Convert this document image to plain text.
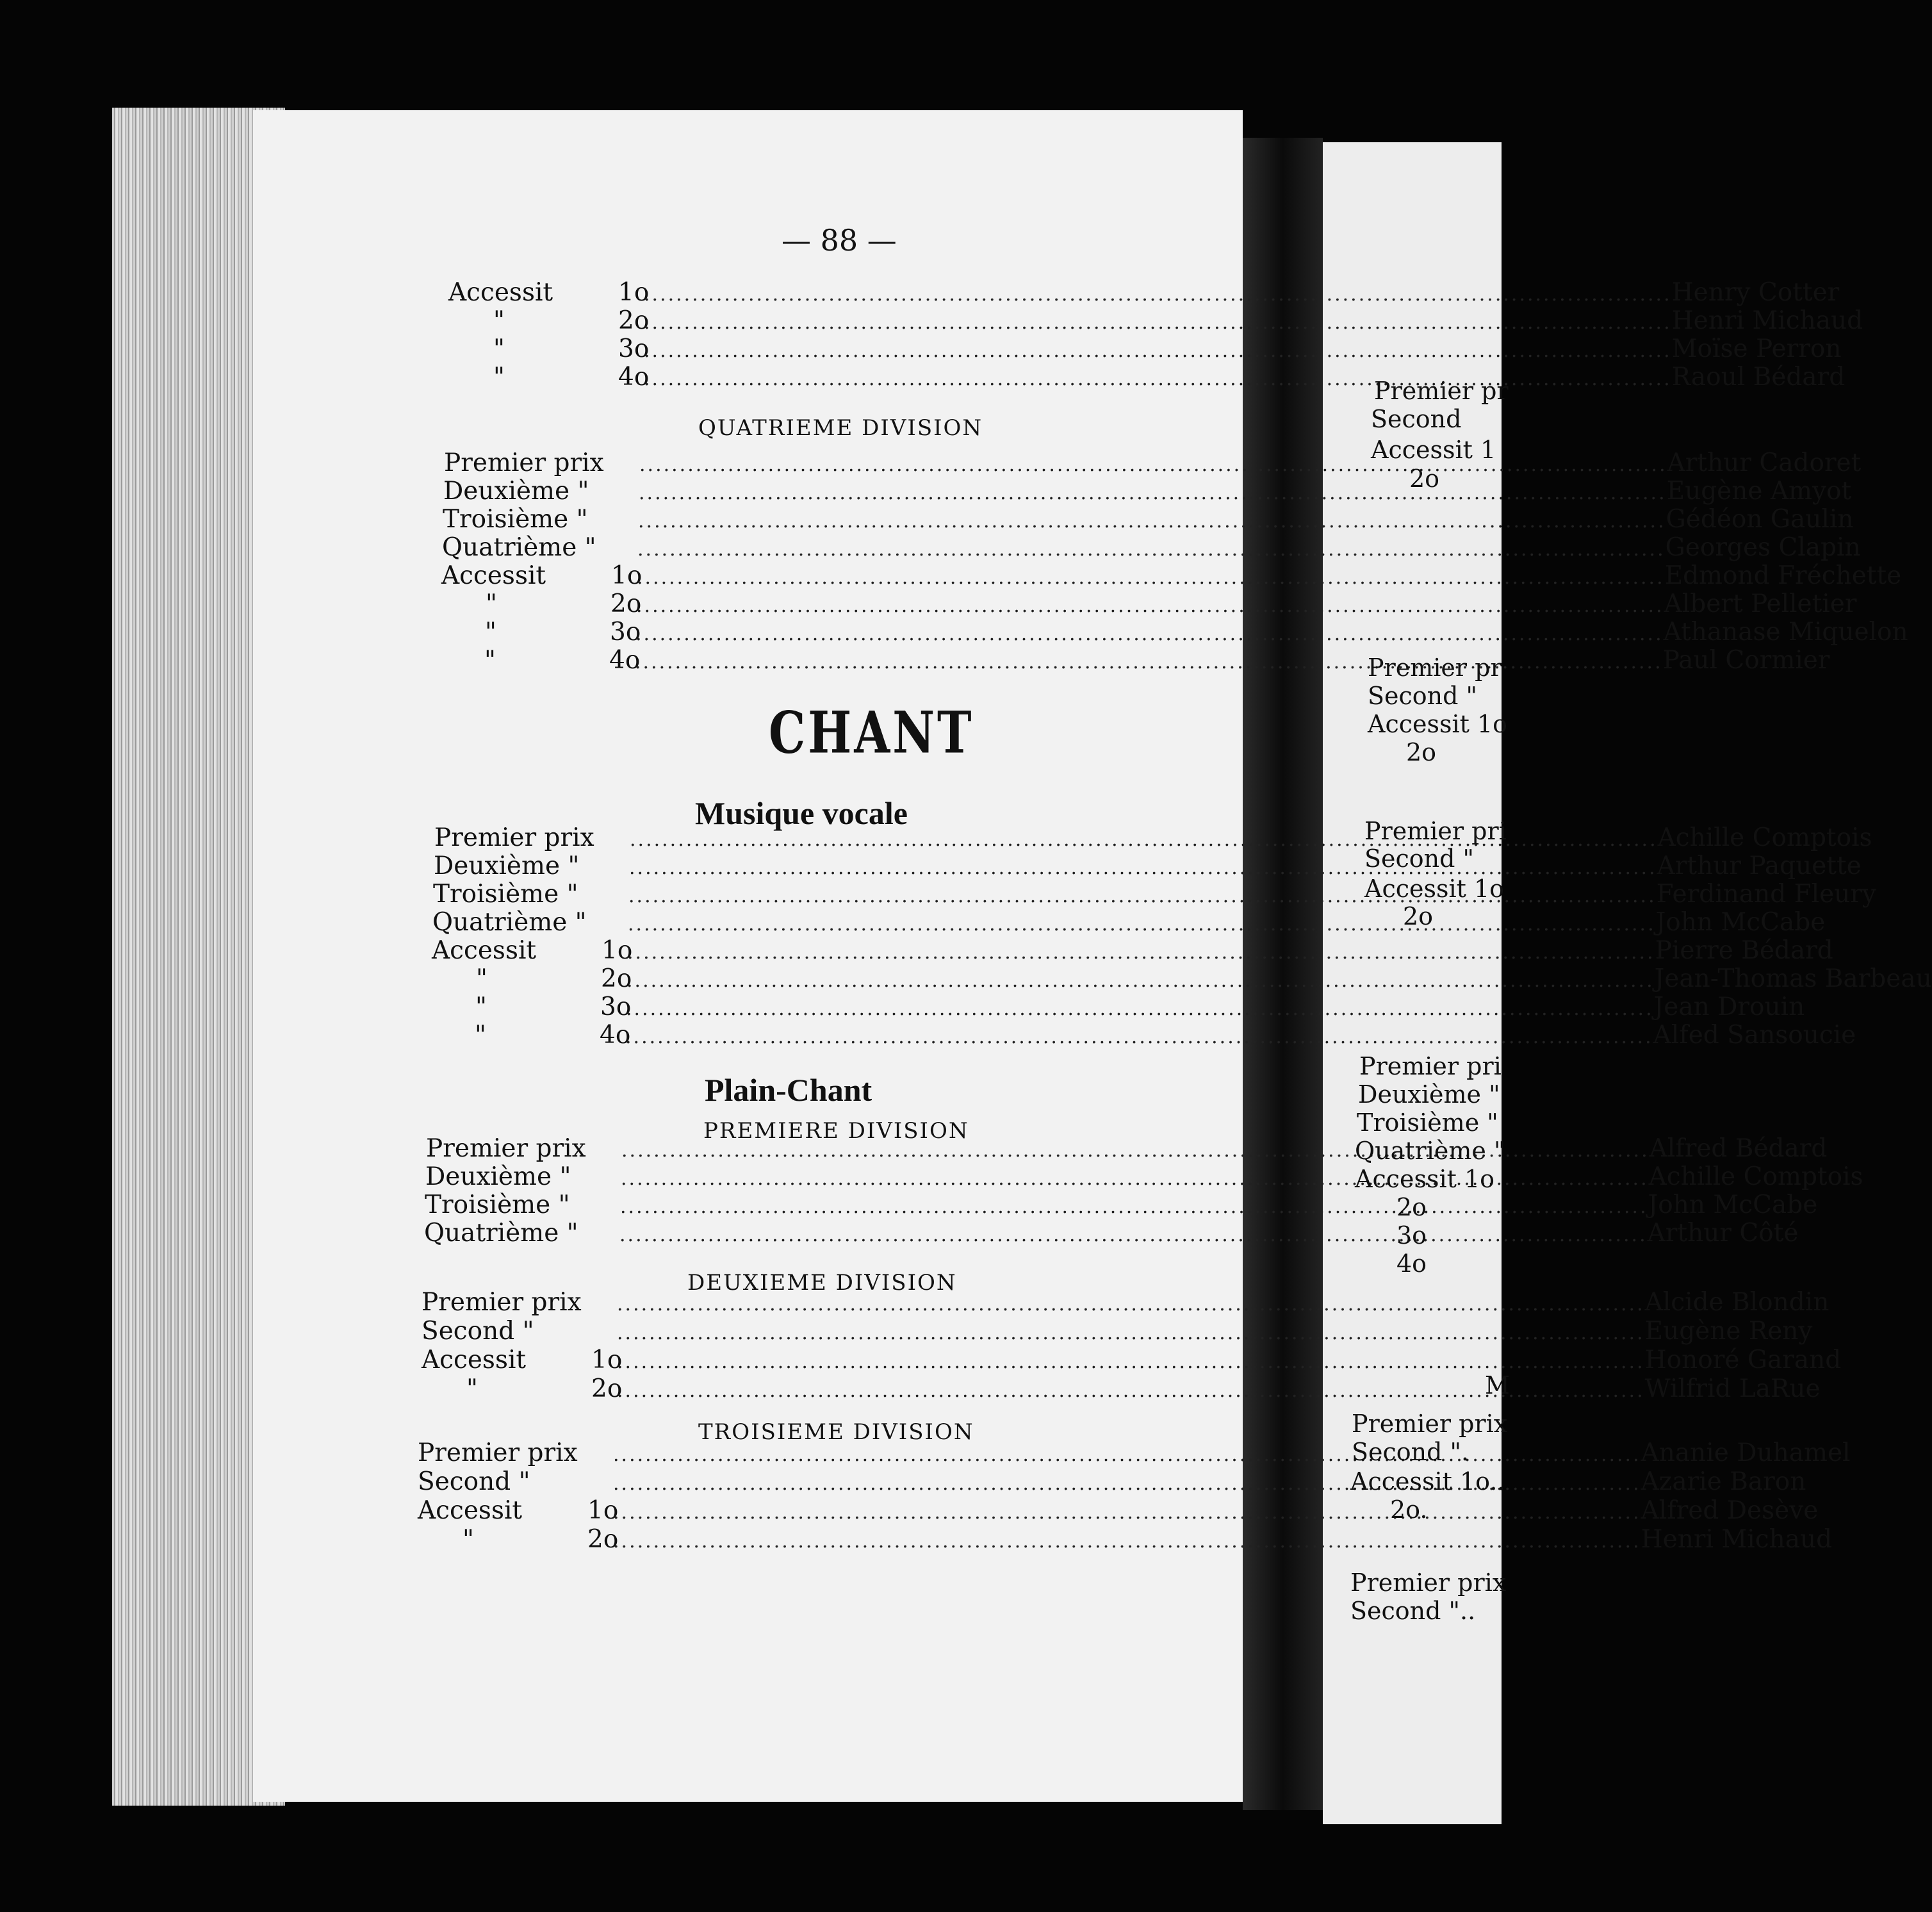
— 88 —
Accessit	1o .....	Henry Cotter
"	2o .....	Henri Michaud
"	3o .....	Moïse Perron
"	4o .....	Raoul Bédard
Premier prix .....	Arthur Cadoret
Deuxième " .....	Eugène Amyot
Troisième " .....	Gédéon Gaulin
Quatrième " .....	Georges Clapin
Accessit	1o .....	Edmond Fréchette
"	2o .....	Albert Pelletier
"	3o .....	Athanase Miquelon
"	4o .....	Paul Cormier
Premier prix .....	Achille Comptois
Deuxième " .....	Arthur Paquette
Troisième " .....	Ferdinand Fleury
Quatrième " .....	John McCabe
Accessit	1o .....	Pierre Bédard
"	2o .....	Jean-Thomas Barbeau
"	3o .....	Jean Drouin
"	4o .....	Alfed Sansoucie
Premier prix .....	Alfred Bédard
Deuxième " .....	Achille Comptois
Troisième " .....	John McCabe
Quatrième " .....	Arthur Côté
Premier prix .....	Alcide Blondin
Second " .....	Eugène Reny
Accessit	1o .....	Honoré Garand
"	2o .....	Wilfrid LaRue
Premier prix .....	Ananie Duhamel
Second " .....	Azarie Baron
Accessit	1o .....	Alfred Desève
"	2o .....	Henri Michaud
QUATRIEME DIVISION
CHANT
Musique vocale
Plain-Chant
PREMIERE DIVISION
DEUXIEME DIVISION
TROISIEME DIVISION
Premier pr
Second
Accessit 1
2o
Premier pr
Second "
Accessit 1o
2o
Premier pri
Second "
Accessit 1o
2o
Premier pri
Deuxième "
Troisième "
Quatrième "
Accessit 1o
2o
3o
4o
M
Premier prix
Second ".
Accessit 1o..
2o.
Premier prix
Second "..
